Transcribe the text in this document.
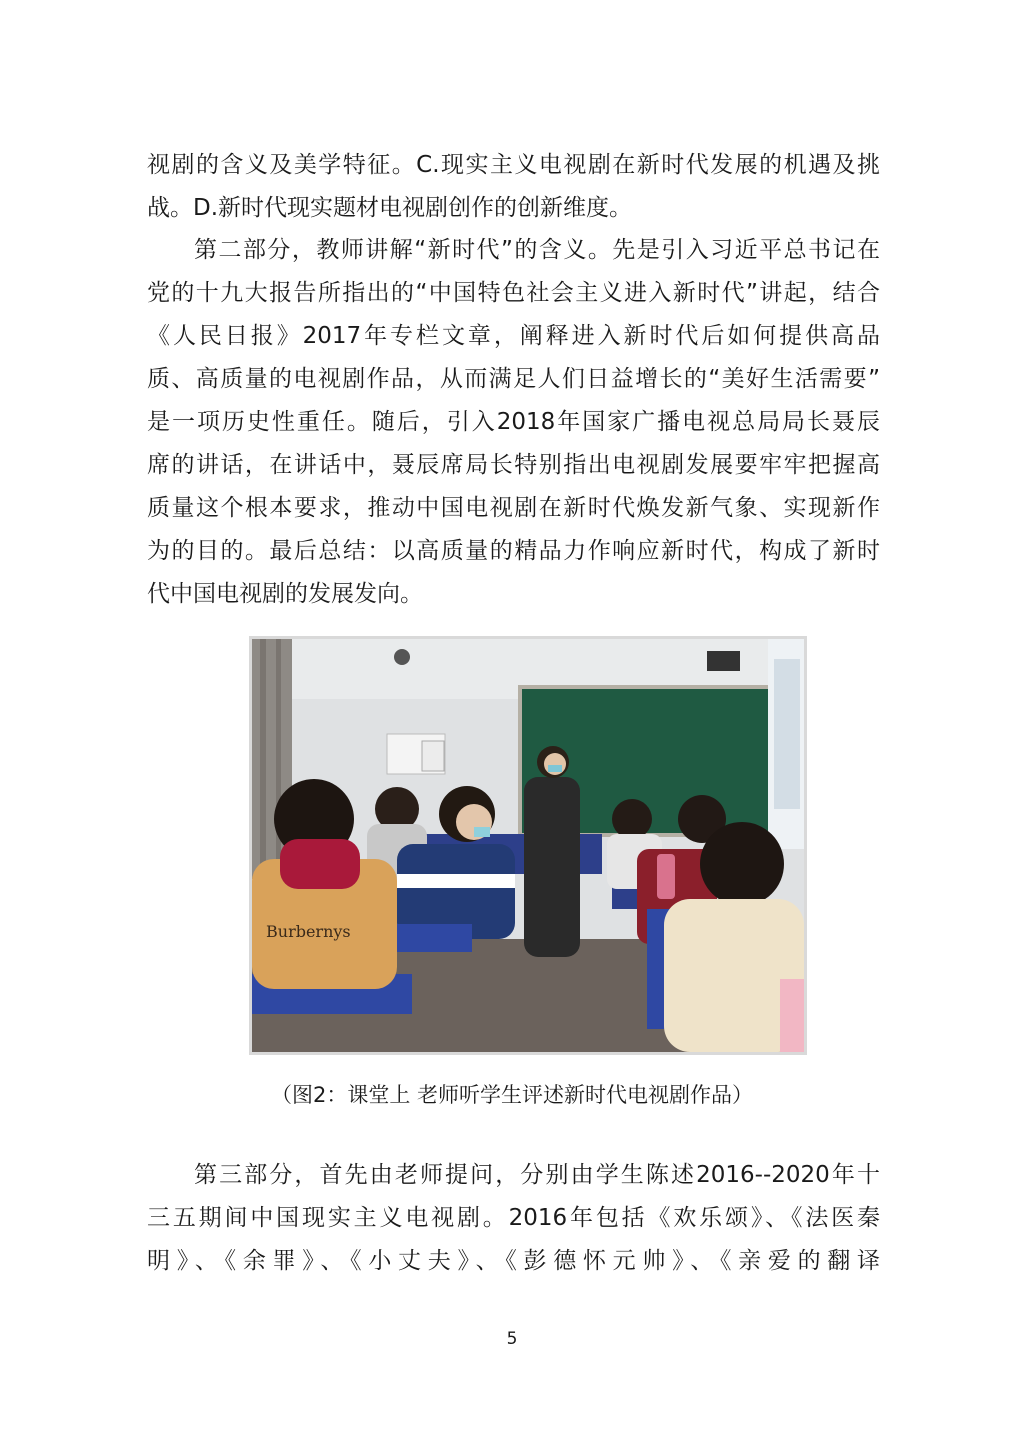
视剧的含义及美学特征。C.现实主义电视剧在新时代发展的机遇及挑
战。D.新时代现实题材电视剧创作的创新维度。
第二部分，教师讲解“新时代”的含义。先是引入习近平总书记在
党的十九大报告所指出的“中国特色社会主义进入新时代”讲起，结合
《人民日报》2017年专栏文章，阐释进入新时代后如何提供高品
质、高质量的电视剧作品，从而满足人们日益增长的“美好生活需要”
是一项历史性重任。随后，引入2018年国家广播电视总局局长聂辰
席的讲话，在讲话中，聂辰席局长特别指出电视剧发展要牢牢把握高
质量这个根本要求，推动中国电视剧在新时代焕发新气象、实现新作
为的目的。最后总结：以高质量的精品力作响应新时代，构成了新时
代中国电视剧的发展发向。
Burbernys
（图2：课堂上 老师听学生评述新时代电视剧作品）
第三部分，首先由老师提问，分别由学生陈述2016--2020年十
三五期间中国现实主义电视剧。2016年包括《欢乐颂》、《法医秦
明》、《余罪》、《小丈夫》、《彭德怀元帅》、《亲爱的翻译
5
